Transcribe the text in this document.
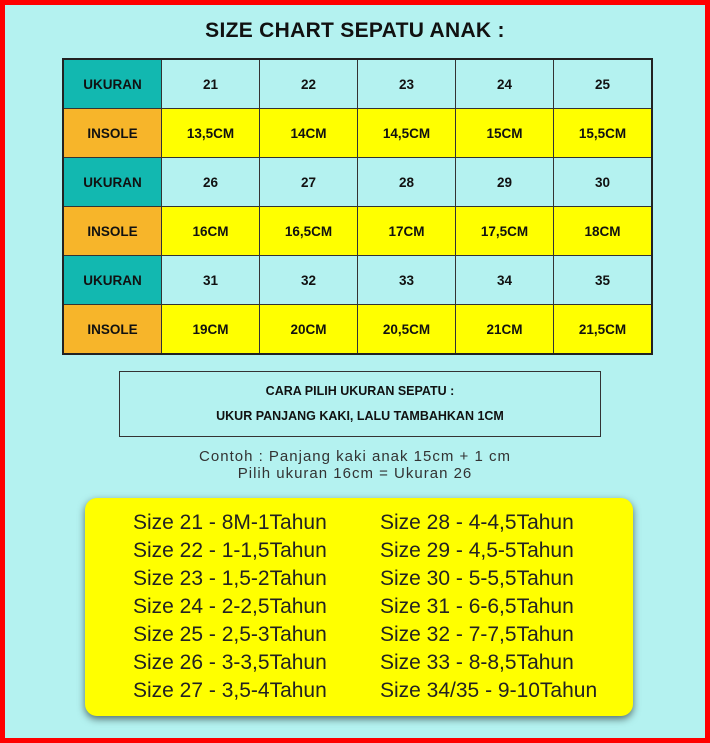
SIZE CHART SEPATU ANAK :
UKURAN	21	22	23	24	25
INSOLE	13,5CM	14CM	14,5CM	15CM	15,5CM
UKURAN	26	27	28	29	30
INSOLE	16CM	16,5CM	17CM	17,5CM	18CM
UKURAN	31	32	33	34	35
INSOLE	19CM	20CM	20,5CM	21CM	21,5CM
CARA PILIH UKURAN SEPATU :
UKUR PANJANG KAKI, LALU TAMBAHKAN 1CM
Contoh : Panjang kaki anak 15cm + 1 cm
Pilih ukuran 16cm = Ukuran 26
Size 21 - 8M-1Tahun
Size 22 - 1-1,5Tahun
Size 23 - 1,5-2Tahun
Size 24 - 2-2,5Tahun
Size 25 - 2,5-3Tahun
Size 26 - 3-3,5Tahun
Size 27 - 3,5-4Tahun
Size 28 - 4-4,5Tahun
Size 29 - 4,5-5Tahun
Size 30 - 5-5,5Tahun
Size 31 - 6-6,5Tahun
Size 32 - 7-7,5Tahun
Size 33 - 8-8,5Tahun
Size 34/35 - 9-10Tahun
